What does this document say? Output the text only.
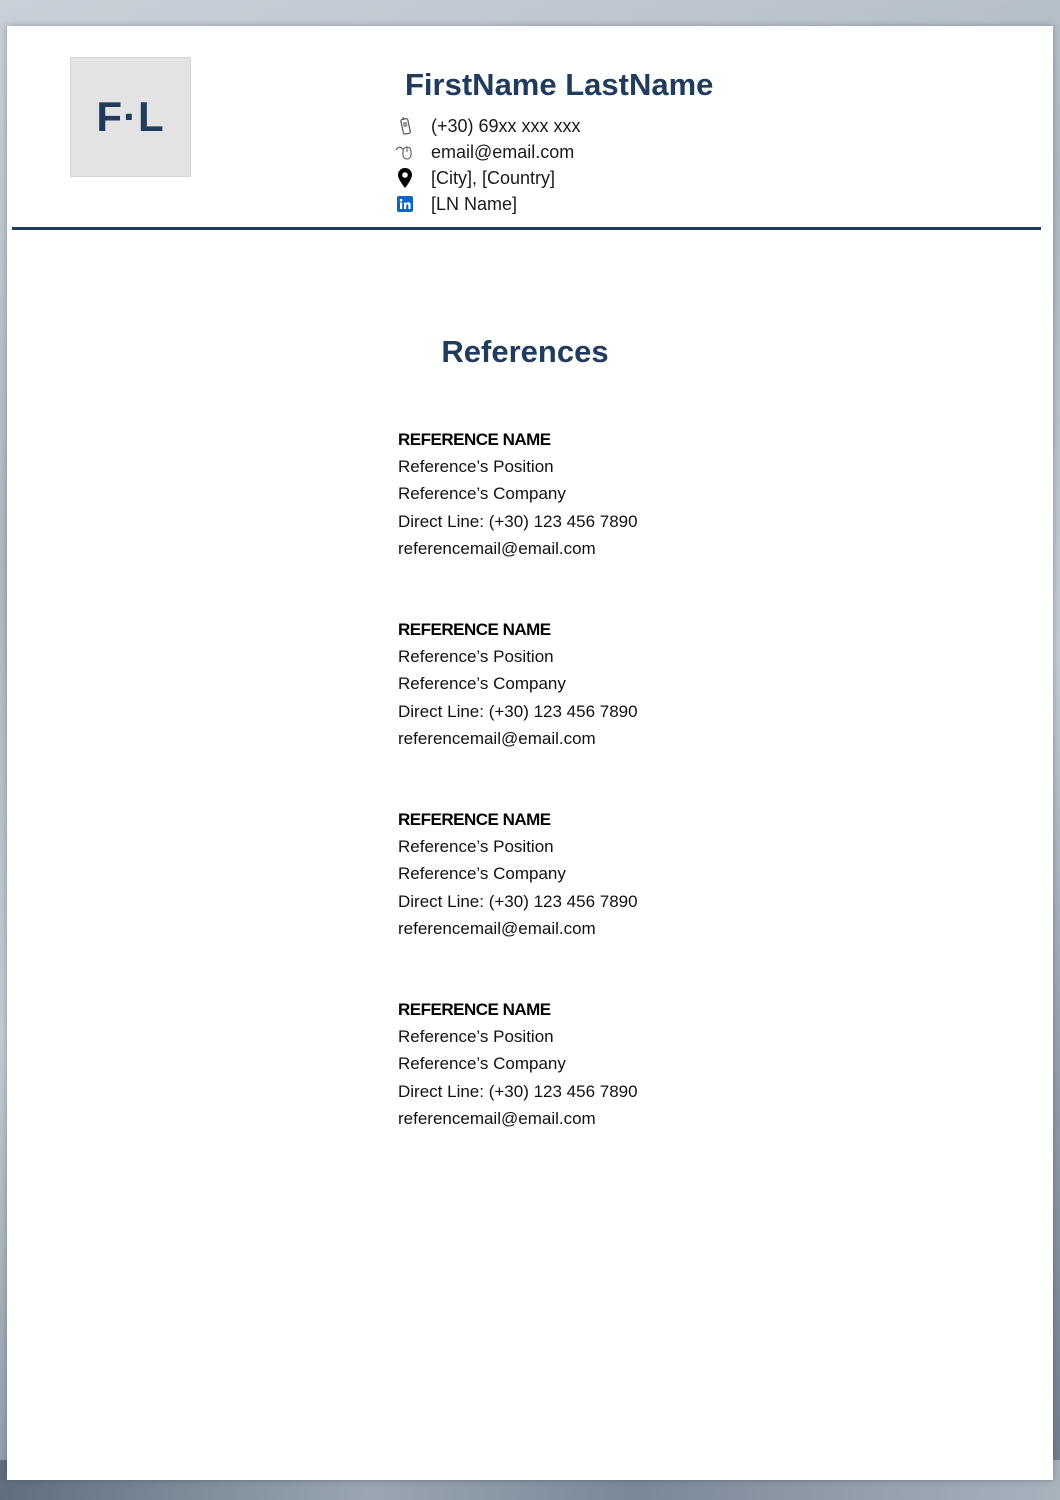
F·L
FirstName LastName
(+30) 69xx xxx xxx
email@email.com
[City], [Country]
[LN Name]
References
REFERENCE NAME
Reference’s Position
Reference’s Company
Direct Line: (+30) 123 456 7890
referencemail@email.com
REFERENCE NAME
Reference’s Position
Reference’s Company
Direct Line: (+30) 123 456 7890
referencemail@email.com
REFERENCE NAME
Reference’s Position
Reference’s Company
Direct Line: (+30) 123 456 7890
referencemail@email.com
REFERENCE NAME
Reference’s Position
Reference’s Company
Direct Line: (+30) 123 456 7890
referencemail@email.com
